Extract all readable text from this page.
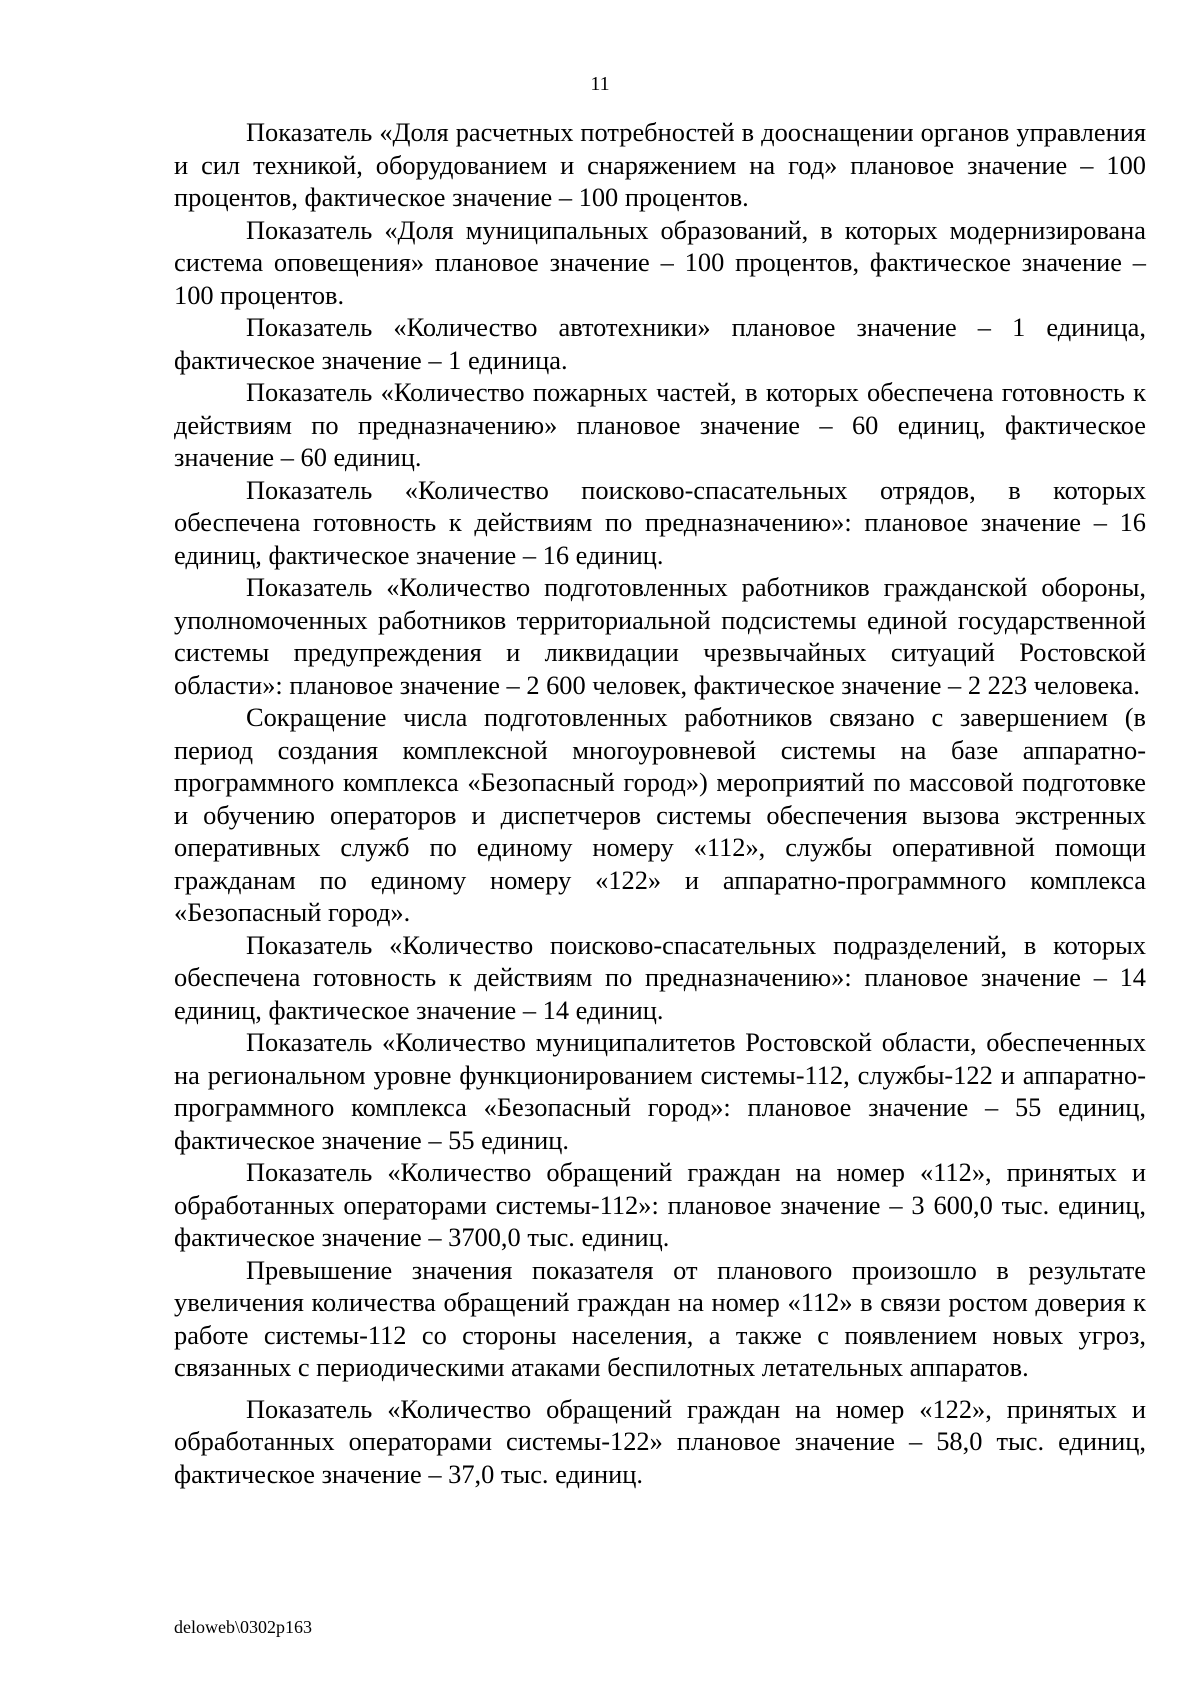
11

Показатель «Доля расчетных потребностей в дооснащении органов управления и сил техникой, оборудованием и снаряжением на год» плановое значение – 100 процентов, фактическое значение – 100 процентов.

Показатель «Доля муниципальных образований, в которых модернизирована система оповещения» плановое значение – 100 процентов, фактическое значение – 100 процентов.

Показатель «Количество автотехники» плановое значение – 1 единица, фактическое значение – 1 единица.

Показатель «Количество пожарных частей, в которых обеспечена готовность к действиям по предназначению» плановое значение – 60 единиц, фактическое значение – 60 единиц.

Показатель «Количество поисково-спасательных отрядов, в которых обеспечена готовность к действиям по предназначению»: плановое значение – 16 единиц, фактическое значение – 16 единиц.

Показатель «Количество подготовленных работников гражданской обороны, уполномоченных работников территориальной подсистемы единой государственной системы предупреждения и ликвидации чрезвычайных ситуаций Ростовской области»: плановое значение – 2 600 человек, фактическое значение – 2 223 человека.

Сокращение числа подготовленных работников связано с завершением (в период создания комплексной многоуровневой системы на базе аппаратно-программного комплекса «Безопасный город») мероприятий по массовой подготовке и обучению операторов и диспетчеров системы обеспечения вызова экстренных оперативных служб по единому номеру «112», службы оперативной помощи гражданам по единому номеру «122» и аппаратно-программного комплекса «Безопасный город».

Показатель «Количество поисково-спасательных подразделений, в которых обеспечена готовность к действиям по предназначению»: плановое значение – 14 единиц, фактическое значение – 14 единиц.

Показатель «Количество муниципалитетов Ростовской области, обеспеченных на региональном уровне функционированием системы-112, службы-122 и аппаратно-программного комплекса «Безопасный город»: плановое значение – 55 единиц, фактическое значение – 55 единиц.

Показатель «Количество обращений граждан на номер «112», принятых и обработанных операторами системы-112»: плановое значение – 3 600,0 тыс. единиц, фактическое значение – 3700,0 тыс. единиц.

Превышение значения показателя от планового произошло в результате увеличения количества обращений граждан на номер «112» в связи ростом доверия к работе системы-112 со стороны населения, а также с появлением новых угроз, связанных с периодическими атаками беспилотных летательных аппаратов.

Показатель «Количество обращений граждан на номер «122», принятых и обработанных операторами системы-122» плановое значение – 58,0 тыс. единиц, фактическое значение – 37,0 тыс. единиц.

deloweb\0302p163
